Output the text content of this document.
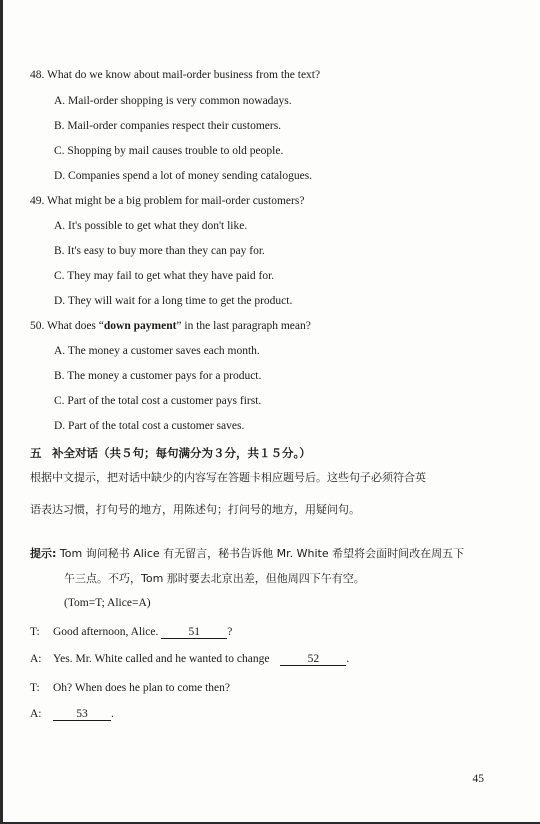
48. What do we know about mail-order business from the text?
A. Mail-order shopping is very common nowadays.
B. Mail-order companies respect their customers.
C. Shopping by mail causes trouble to old people.
D. Companies spend a lot of money sending catalogues.
49. What might be a big problem for mail-order customers?
A. It's possible to get what they don't like.
B. It's easy to buy more than they can pay for.
C. They may fail to get what they have paid for.
D. They will wait for a long time to get the product.
50. What does “down payment” in the last paragraph mean?
A. The money a customer saves each month.
B. The money a customer pays for a product.
C. Part of the total cost a customer pays first.
D. Part of the total cost a customer saves.
五 补全对话（共５句；每句满分为３分，共１５分。）
根据中文提示，把对话中缺少的内容写在答题卡相应题号后。这些句子必须符合英
语表达习惯，打句号的地方，用陈述句；打问号的地方，用疑问句。
提示: Tom 询问秘书 Alice 有无留言，秘书告诉他 Mr. White 希望将会面时间改在周五下
午三点。不巧，Tom 那时要去北京出差，但他周四下午有空。
(Tom=T; Alice=A)
T: Good afternoon, Alice.	51 ?
A: Yes. Mr. White called and he wanted to change	52 .
T: Oh? When does he plan to come then?
A:	53 .
45
